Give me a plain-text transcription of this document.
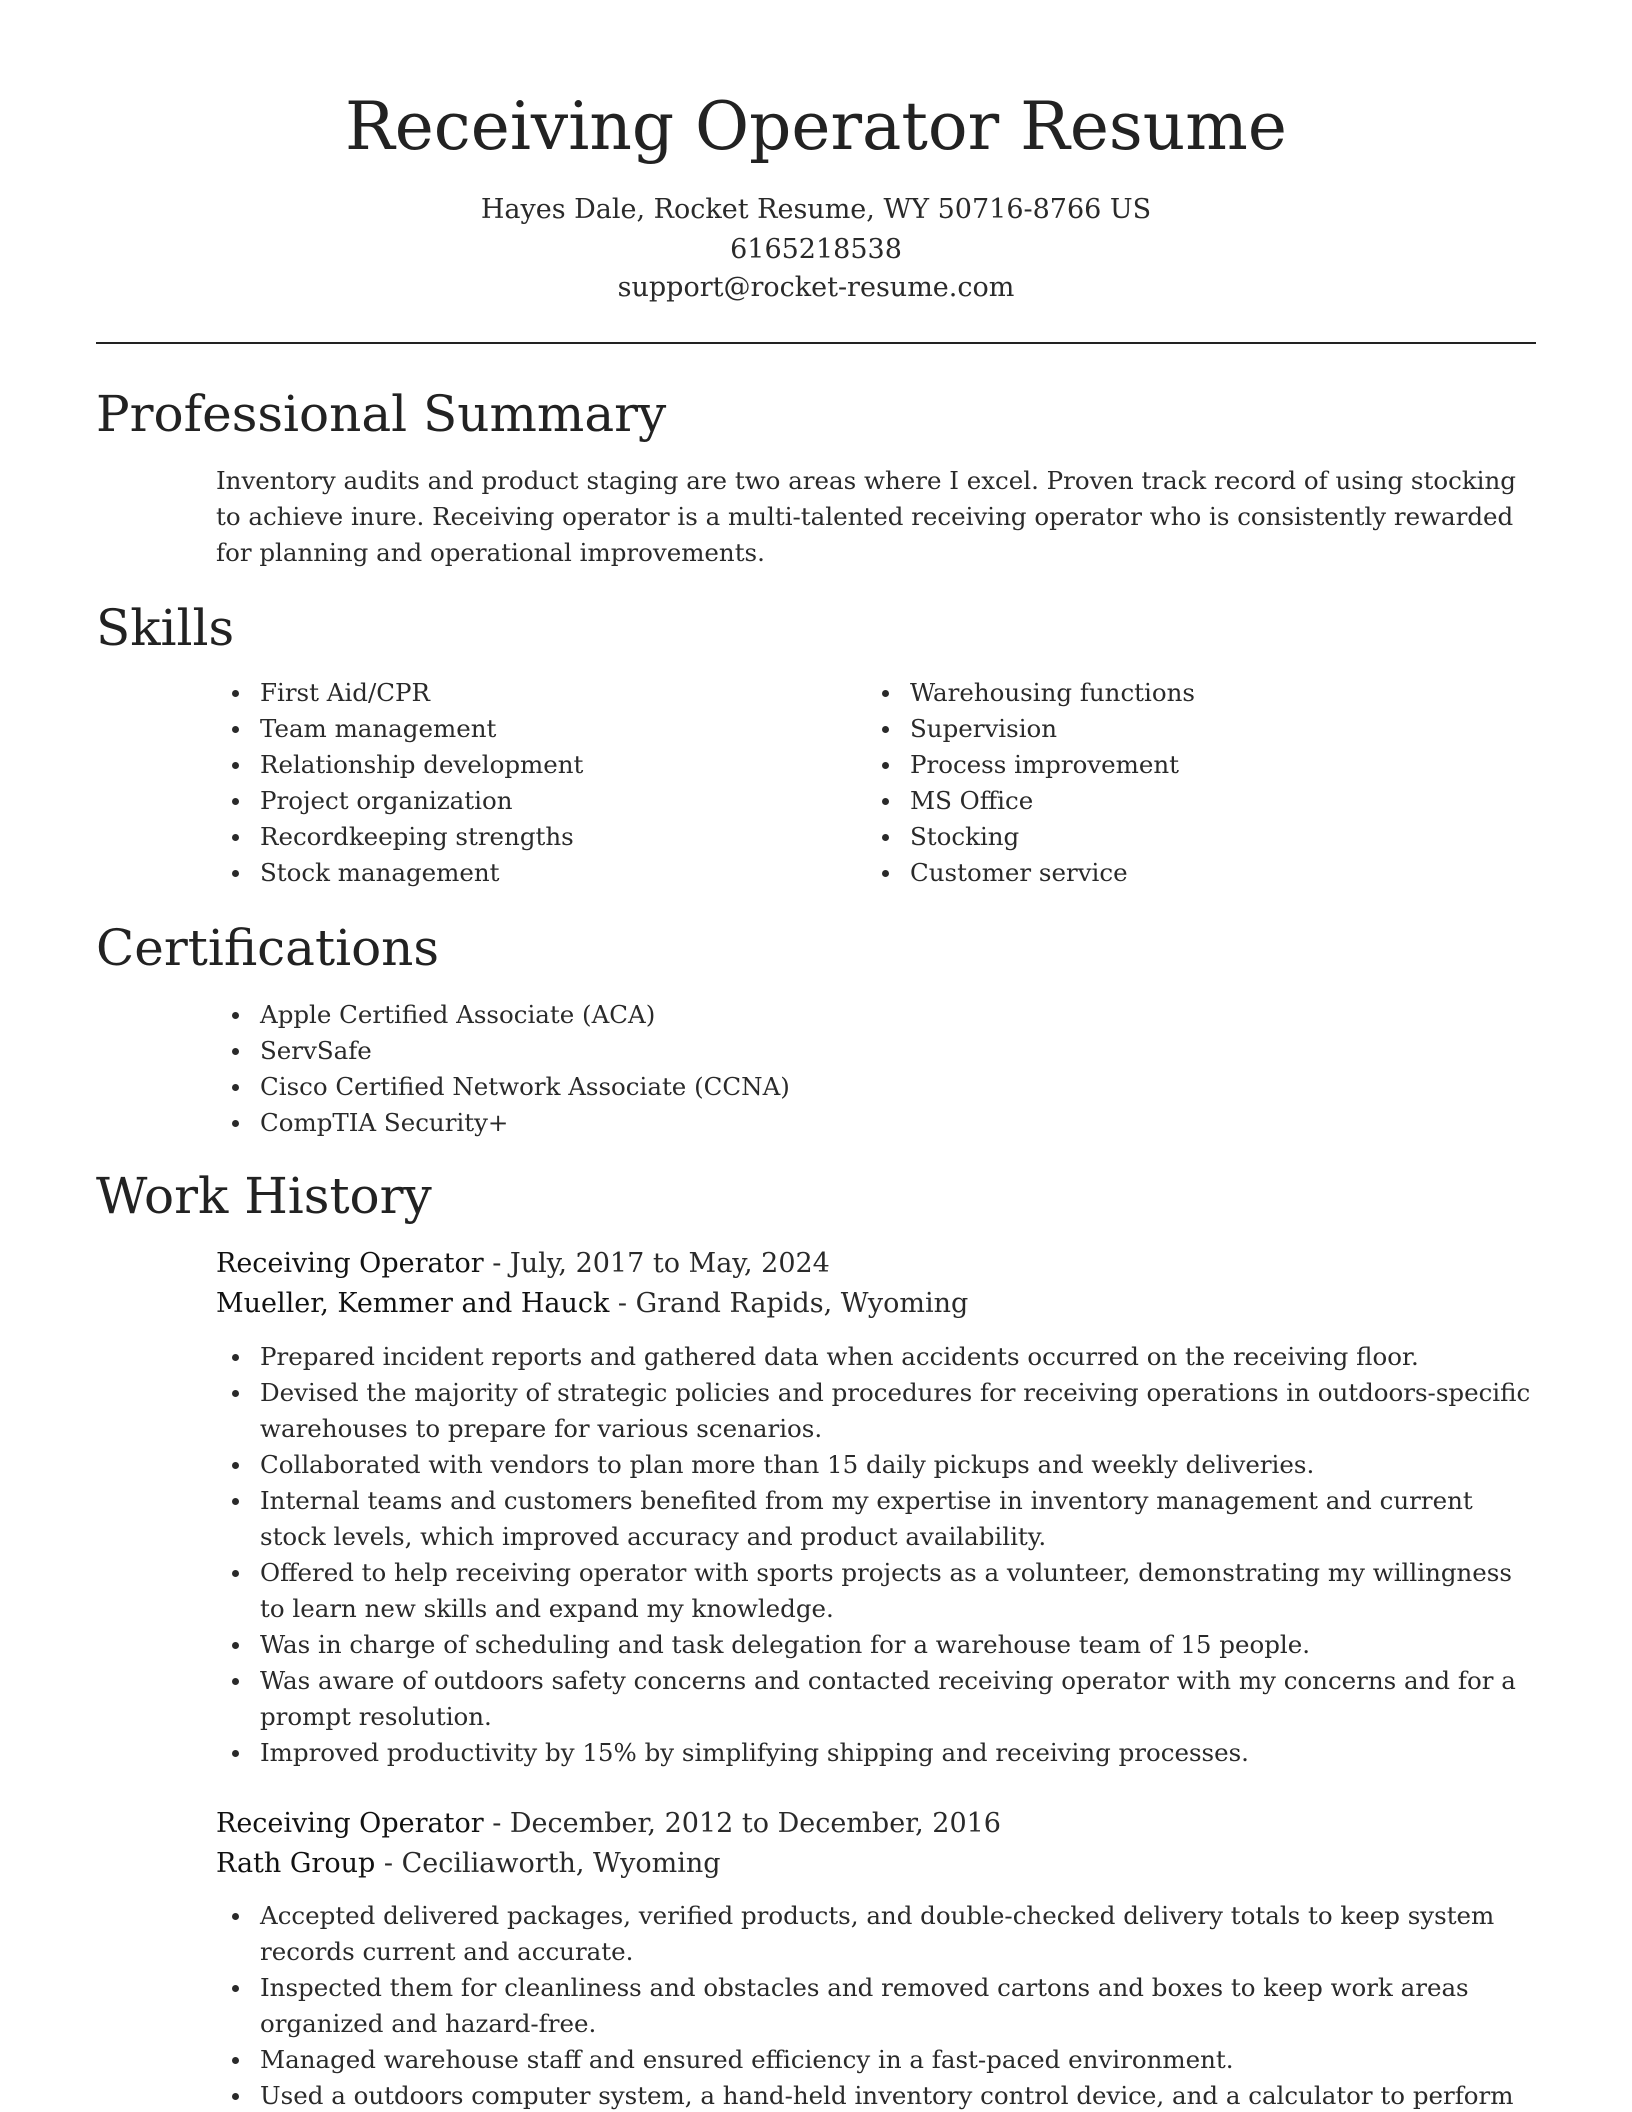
Receiving Operator Resume
Hayes Dale, Rocket Resume, WY 50716-8766 US
6165218538
support@rocket-resume.com
Professional Summary

Inventory audits and product staging are two areas where I excel. Proven track record of using stocking to achieve inure. Receiving operator is a multi-talented receiving operator who is consistently rewarded for planning and operational improvements.

Skills
First Aid/CPR
Team management
Relationship development
Project organization
Recordkeeping strengths
Stock management
Warehousing functions
Supervision
Process improvement
MS Office
Stocking
Customer service
Certifications
Apple Certified Associate (ACA)
ServSafe
Cisco Certified Network Associate (CCNA)
CompTIA Security+
Work History
Receiving Operator - July, 2017 to May, 2024
Mueller, Kemmer and Hauck - Grand Rapids, Wyoming
Prepared incident reports and gathered data when accidents occurred on the receiving floor.
Devised the majority of strategic policies and procedures for receiving operations in outdoors-specific warehouses to prepare for various scenarios.
Collaborated with vendors to plan more than 15 daily pickups and weekly deliveries.
Internal teams and customers benefited from my expertise in inventory management and current stock levels, which improved accuracy and product availability.
Offered to help receiving operator with sports projects as a volunteer, demonstrating my willingness to learn new skills and expand my knowledge.
Was in charge of scheduling and task delegation for a warehouse team of 15 people.
Was aware of outdoors safety concerns and contacted receiving operator with my concerns and for a prompt resolution.
Improved productivity by 15% by simplifying shipping and receiving processes.
Receiving Operator - December, 2012 to December, 2016
Rath Group - Ceciliaworth, Wyoming
Accepted delivered packages, verified products, and double-checked delivery totals to keep system records current and accurate.
Inspected them for cleanliness and obstacles and removed cartons and boxes to keep work areas organized and hazard-free.
Managed warehouse staff and ensured efficiency in a fast-paced environment.
Used a outdoors computer system, a hand-held inventory control device, and a calculator to perform
